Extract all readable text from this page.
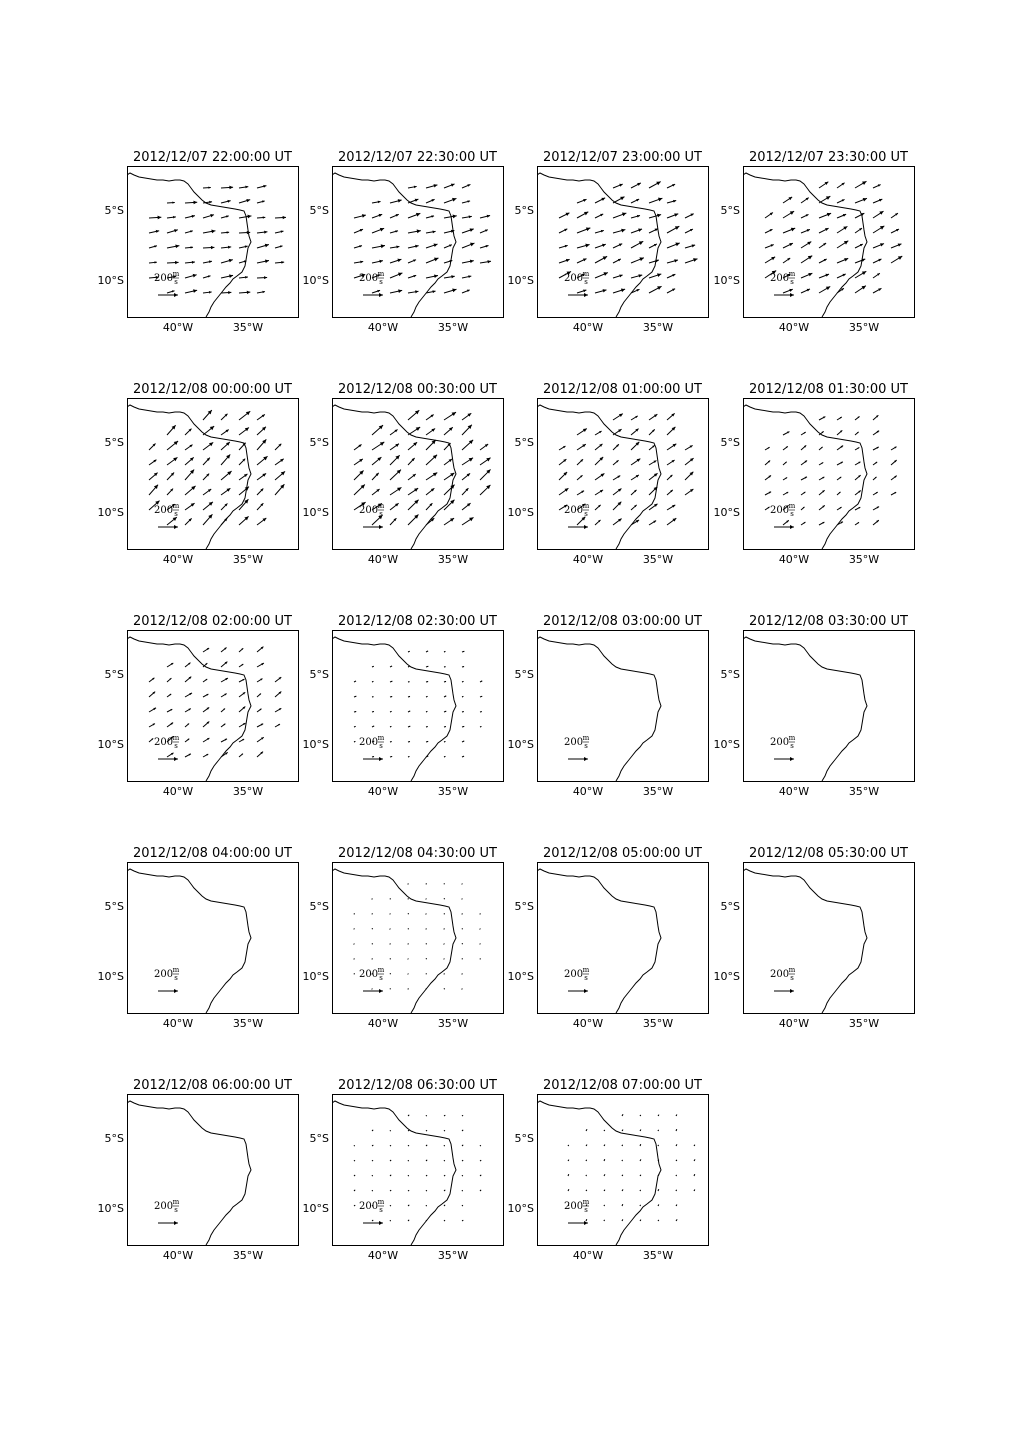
2012/12/07 22:00:00 UT
200 m
s
5°S
10°S
40°W	35°W
2012/12/07 22:30:00 UT
200 m
s
5°S
10°S
40°W	35°W
2012/12/07 23:00:00 UT
200 m
s
5°S
10°S
40°W	35°W
2012/12/07 23:30:00 UT
200 m
s
5°S
10°S
40°W	35°W
2012/12/08 00:00:00 UT
200 m
s
5°S
10°S
40°W	35°W
2012/12/08 00:30:00 UT
200 m
s
5°S
10°S
40°W	35°W
2012/12/08 01:00:00 UT
200 m
s
5°S
10°S
40°W	35°W
2012/12/08 01:30:00 UT
200 m
s
5°S
10°S
40°W	35°W
2012/12/08 02:00:00 UT
200 m
s
5°S
10°S
40°W	35°W
2012/12/08 02:30:00 UT
200 m
s
5°S
10°S
40°W	35°W
2012/12/08 03:00:00 UT
200 m
s
5°S
10°S
40°W	35°W
2012/12/08 03:30:00 UT
200 m
s
5°S
10°S
40°W	35°W
2012/12/08 04:00:00 UT
200 m
s
5°S
10°S
40°W	35°W
2012/12/08 04:30:00 UT
200 m
s
5°S
10°S
40°W	35°W
2012/12/08 05:00:00 UT
200 m
s
5°S
10°S
40°W	35°W
2012/12/08 05:30:00 UT
200 m
s
5°S
10°S
40°W	35°W
2012/12/08 06:00:00 UT
200 m
s
5°S
10°S
40°W	35°W
2012/12/08 06:30:00 UT
200 m
s
5°S
10°S
40°W	35°W
2012/12/08 07:00:00 UT
200 m
s
5°S
10°S
40°W	35°W
